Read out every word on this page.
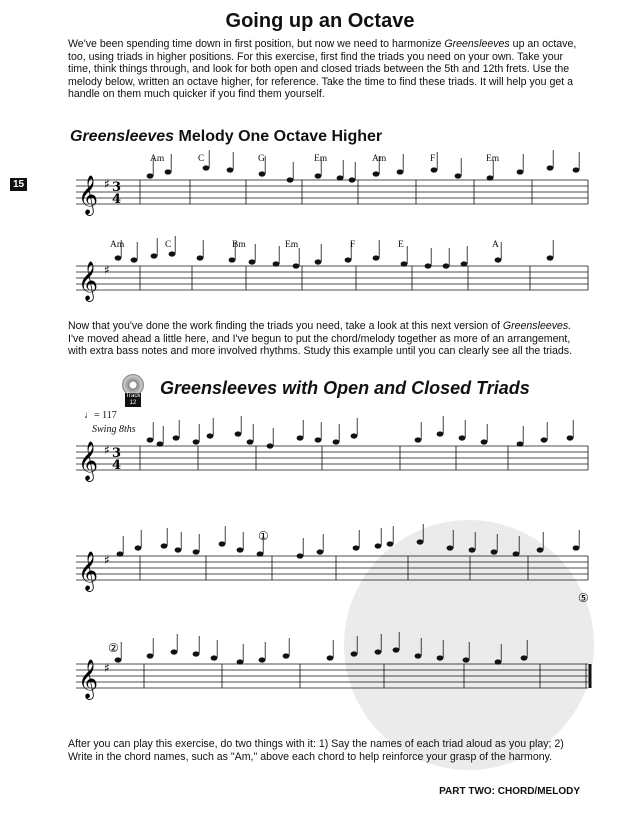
Going up an Octave
We've been spending time down in first position, but now we need to harmonize Greensleeves up an octave, too, using triads in higher positions. For this exercise, first find the triads you need on your own. Take your time, think things through, and look for both open and closed triads between the 5th and 12th frets. Use the melody below, written an octave higher, for reference. Take the time to find these triads. It will help you get a handle on them much quicker if you find them yourself.
Greensleeves Melody One Octave Higher
15
Am	C	G	Em	Am	F	Em
Am	C	Bm	Em	F	E	A
Now that you've done the work finding the triads you need, take a look at this next version of Greensleeves. I've moved ahead a little here, and I've begun to put the chord/melody together as more of an arrangement, with extra bass notes and more involved rhythms. Study this example until you can clearly see all the triads.
Track 12
Greensleeves with Open and Closed Triads
♩= 117
Swing 8ths
𝄞 ♯ 3
4
𝄞 ♯
𝄞 ♯ 3
4
𝄞 ♯
𝄞 ♯
①
②
⑤
After you can play this exercise, do two things with it: 1) Say the names of each triad aloud as you play; 2) Write in the chord names, such as "Am," above each chord to help reinforce your grasp of the harmony.
PART TWO: CHORD/MELODY
